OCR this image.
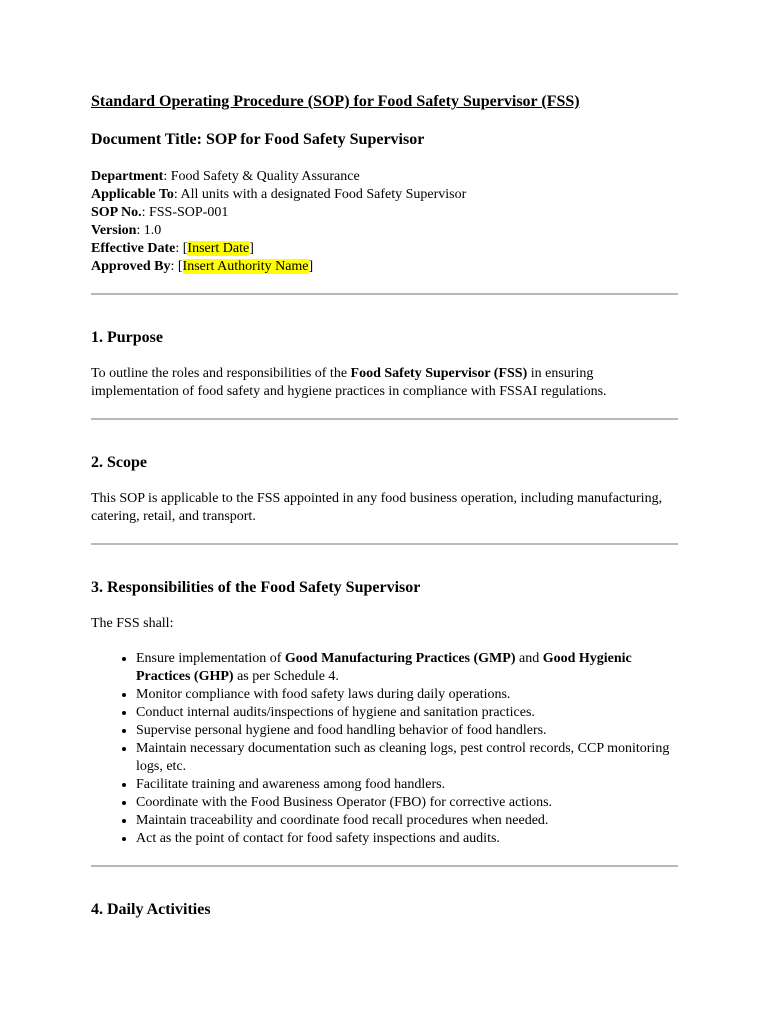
Standard Operating Procedure (SOP) for Food Safety Supervisor (FSS)
Document Title: SOP for Food Safety Supervisor
Department: Food Safety & Quality Assurance
Applicable To: All units with a designated Food Safety Supervisor
SOP No.: FSS-SOP-001
Version: 1.0
Effective Date: [Insert Date]
Approved By: [Insert Authority Name]
1. Purpose

To outline the roles and responsibilities of the Food Safety Supervisor (FSS) in ensuring implementation of food safety and hygiene practices in compliance with FSSAI regulations.

2. Scope

This SOP is applicable to the FSS appointed in any food business operation, including manufacturing, catering, retail, and transport.

3. Responsibilities of the Food Safety Supervisor

The FSS shall:

• Ensure implementation of Good Manufacturing Practices (GMP) and Good Hygienic Practices (GHP) as per Schedule 4.
• Monitor compliance with food safety laws during daily operations.
• Conduct internal audits/inspections of hygiene and sanitation practices.
• Supervise personal hygiene and food handling behavior of food handlers.
• Maintain necessary documentation such as cleaning logs, pest control records, CCP monitoring logs, etc.
• Facilitate training and awareness among food handlers.
• Coordinate with the Food Business Operator (FBO) for corrective actions.
• Maintain traceability and coordinate food recall procedures when needed.
• Act as the point of contact for food safety inspections and audits.
4. Daily Activities
